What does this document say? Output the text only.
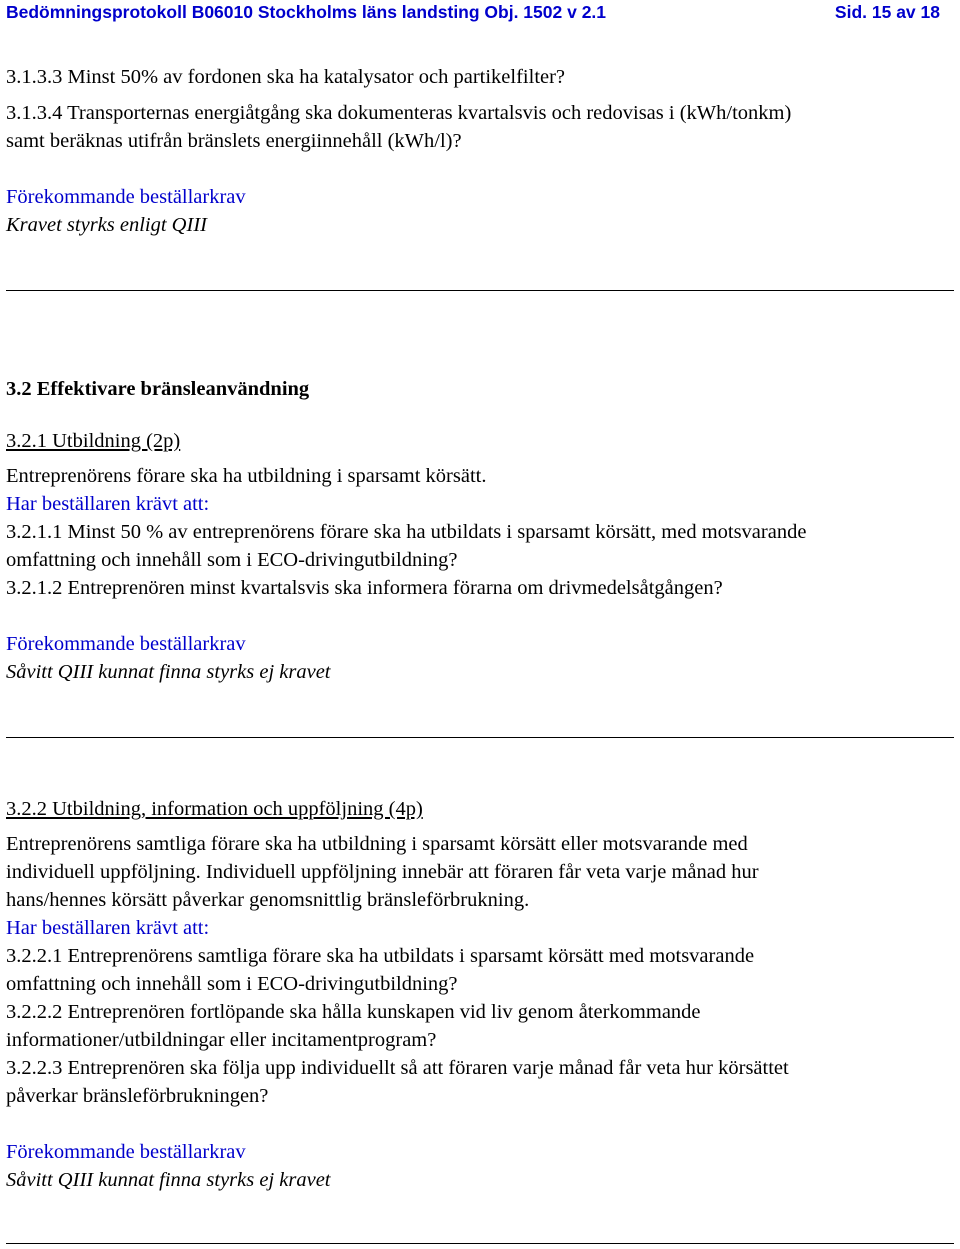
Bedömningsprotokoll B06010 Stockholms läns landsting Obj. 1502 v 2.1	Sid. 15 av 18
3.1.3.3 Minst 50% av fordonen ska ha katalysator och partikelfilter?
3.1.3.4 Transporternas energiåtgång ska dokumenteras kvartalsvis och redovisas i (kWh/tonkm)
samt beräknas utifrån bränslets energiinnehåll (kWh/l)?
Förekommande beställarkrav
Kravet styrks enligt QIII
3.2 Effektivare bränsleanvändning
3.2.1 Utbildning (2p)
Entreprenörens förare ska ha utbildning i sparsamt körsätt.
Har beställaren krävt att:
3.2.1.1 Minst 50 % av entreprenörens förare ska ha utbildats i sparsamt körsätt, med motsvarande
omfattning och innehåll som i ECO-drivingutbildning?
3.2.1.2 Entreprenören minst kvartalsvis ska informera förarna om drivmedelsåtgången?
Förekommande beställarkrav
Såvitt QIII kunnat finna styrks ej kravet
3.2.2 Utbildning, information och uppföljning (4p)
Entreprenörens samtliga förare ska ha utbildning i sparsamt körsätt eller motsvarande med
individuell uppföljning. Individuell uppföljning innebär att föraren får veta varje månad hur
hans/hennes körsätt påverkar genomsnittlig bränsleförbrukning.
Har beställaren krävt att:
3.2.2.1 Entreprenörens samtliga förare ska ha utbildats i sparsamt körsätt med motsvarande
omfattning och innehåll som i ECO-drivingutbildning?
3.2.2.2 Entreprenören fortlöpande ska hålla kunskapen vid liv genom återkommande
informationer/utbildningar eller incitamentprogram?
3.2.2.3 Entreprenören ska följa upp individuellt så att föraren varje månad får veta hur körsättet
påverkar bränsleförbrukningen?
Förekommande beställarkrav
Såvitt QIII kunnat finna styrks ej kravet
